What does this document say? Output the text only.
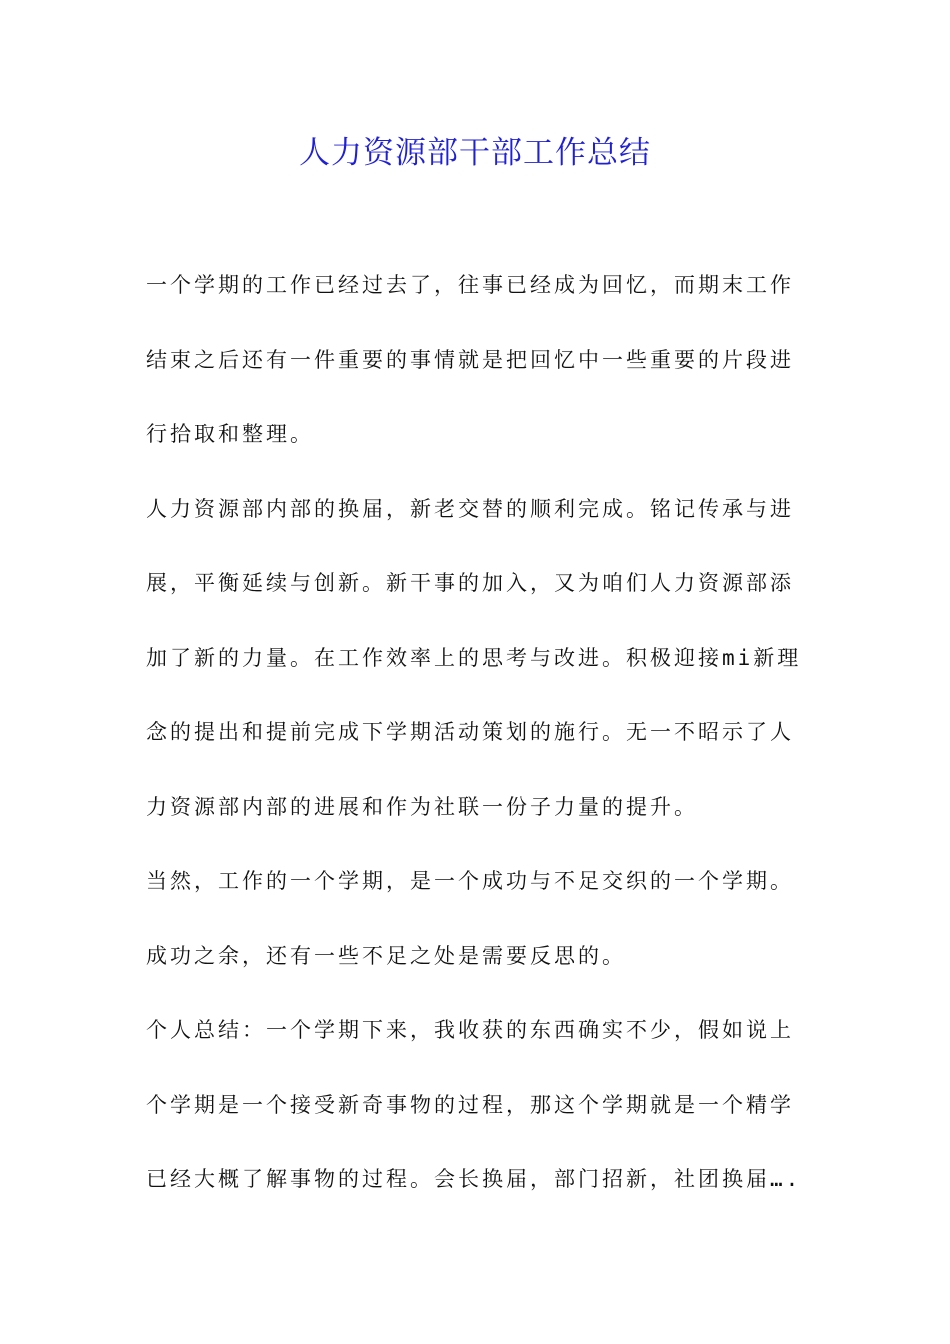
人力资源部干部工作总结
一个学期的工作已经过去了，往事已经成为回忆，而期末工作
结束之后还有一件重要的事情就是把回忆中一些重要的片段进
行拾取和整理。
人力资源部内部的换届，新老交替的顺利完成。铭记传承与进
展，平衡延续与创新。新干事的加入，又为咱们人力资源部添
加了新的力量。在工作效率上的思考与改进。积极迎接mi新理
念的提出和提前完成下学期活动策划的施行。无一不昭示了人
力资源部内部的进展和作为社联一份子力量的提升。
当然，工作的一个学期，是一个成功与不足交织的一个学期。
成功之余，还有一些不足之处是需要反思的。
个人总结：一个学期下来，我收获的东西确实不少，假如说上
个学期是一个接受新奇事物的过程，那这个学期就是一个精学
已经大概了解事物的过程。会长换届，部门招新，社团换届….
